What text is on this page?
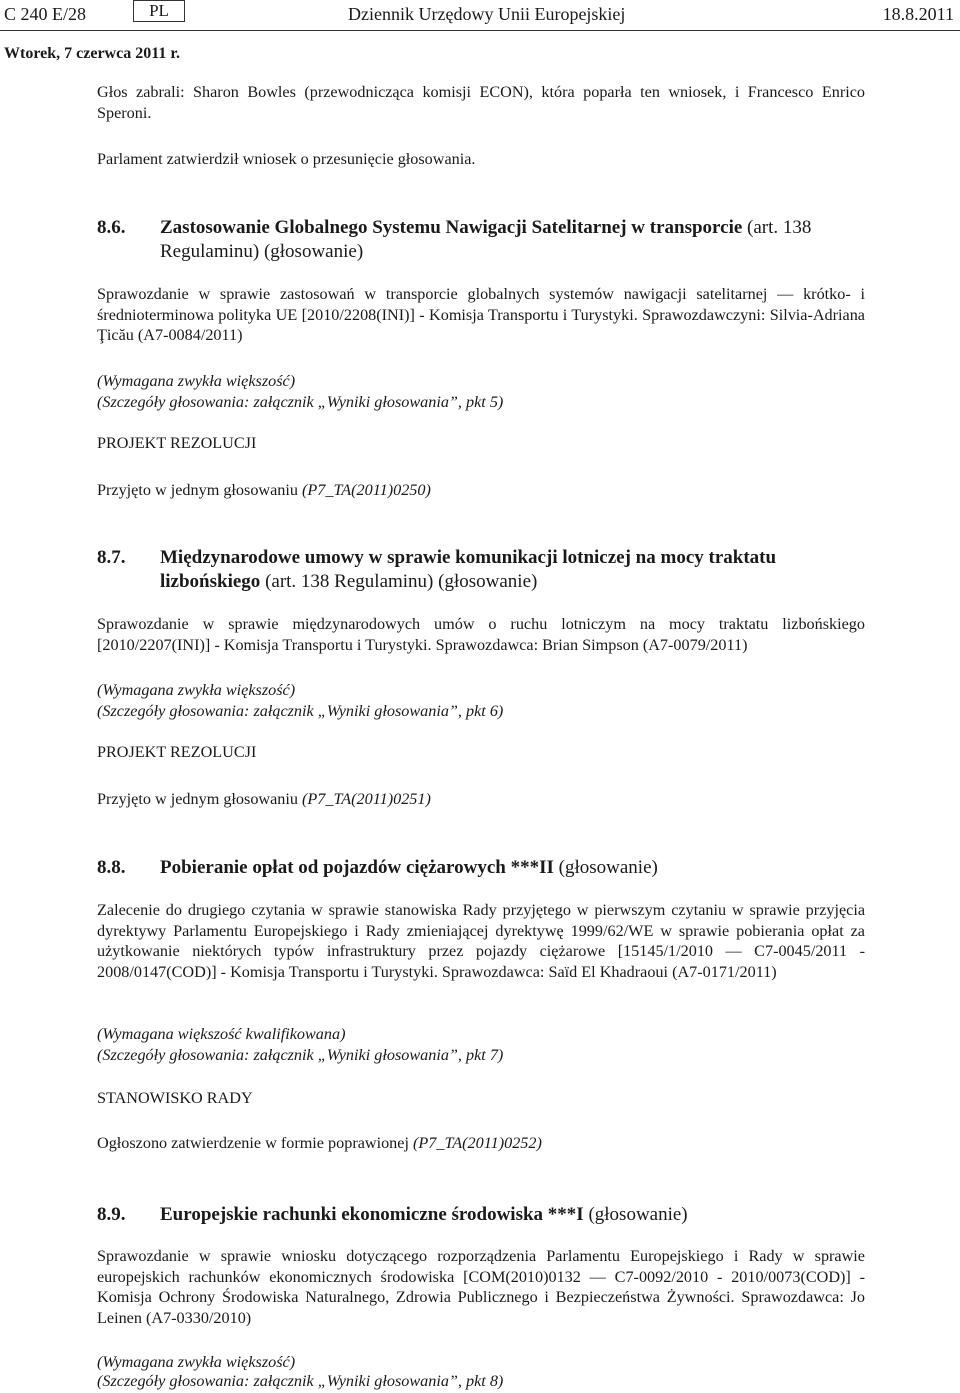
C 240 E/28	PL	Dziennik Urzędowy Unii Europejskiej	18.8.2011
Wtorek, 7 czerwca 2011 r.
Głos zabrali: Sharon Bowles (przewodnicząca komisji ECON), która poparła ten wniosek, i Francesco Enrico Speroni.
Parlament zatwierdził wniosek o przesunięcie głosowania.
8.6. Zastosowanie Globalnego Systemu Nawigacji Satelitarnej w transporcie (art. 138 Regulaminu) (głosowanie)
Sprawozdanie w sprawie zastosowań w transporcie globalnych systemów nawigacji satelitarnej — krótko- i średnioterminowa polityka UE [2010/2208(INI)] - Komisja Transportu i Turystyki. Sprawozdawczyni: Silvia-Adriana Ţicău (A7-0084/2011)
(Wymagana zwykła większość)
(Szczegóły głosowania: załącznik „Wyniki głosowania”, pkt 5)
PROJEKT REZOLUCJI
Przyjęto w jednym głosowaniu (P7_TA(2011)0250)
8.7. Międzynarodowe umowy w sprawie komunikacji lotniczej na mocy traktatu lizbońskiego (art. 138 Regulaminu) (głosowanie)
Sprawozdanie w sprawie międzynarodowych umów o ruchu lotniczym na mocy traktatu lizbońskiego [2010/2207(INI)] - Komisja Transportu i Turystyki. Sprawozdawca: Brian Simpson (A7-0079/2011)
(Wymagana zwykła większość)
(Szczegóły głosowania: załącznik „Wyniki głosowania”, pkt 6)
PROJEKT REZOLUCJI
Przyjęto w jednym głosowaniu (P7_TA(2011)0251)
8.8. Pobieranie opłat od pojazdów ciężarowych ***II (głosowanie)
Zalecenie do drugiego czytania w sprawie stanowiska Rady przyjętego w pierwszym czytaniu w sprawie przyjęcia dyrektywy Parlamentu Europejskiego i Rady zmieniającej dyrektywę 1999/62/WE w sprawie pobierania opłat za użytkowanie niektórych typów infrastruktury przez pojazdy ciężarowe [15145/1/2010 — C7-0045/2011 - 2008/0147(COD)] - Komisja Transportu i Turystyki. Sprawozdawca: Saïd El Khadraoui (A7-0171/2011)
(Wymagana większość kwalifikowana)
(Szczegóły głosowania: załącznik „Wyniki głosowania”, pkt 7)
STANOWISKO RADY
Ogłoszono zatwierdzenie w formie poprawionej (P7_TA(2011)0252)
8.9. Europejskie rachunki ekonomiczne środowiska ***I (głosowanie)
Sprawozdanie w sprawie wniosku dotyczącego rozporządzenia Parlamentu Europejskiego i Rady w sprawie europejskich rachunków ekonomicznych środowiska [COM(2010)0132 — C7-0092/2010 - 2010/0073(COD)] - Komisja Ochrony Środowiska Naturalnego, Zdrowia Publicznego i Bezpieczeństwa Żywności. Sprawozdawca: Jo Leinen (A7-0330/2010)
(Wymagana zwykła większość)
(Szczegóły głosowania: załącznik „Wyniki głosowania”, pkt 8)
